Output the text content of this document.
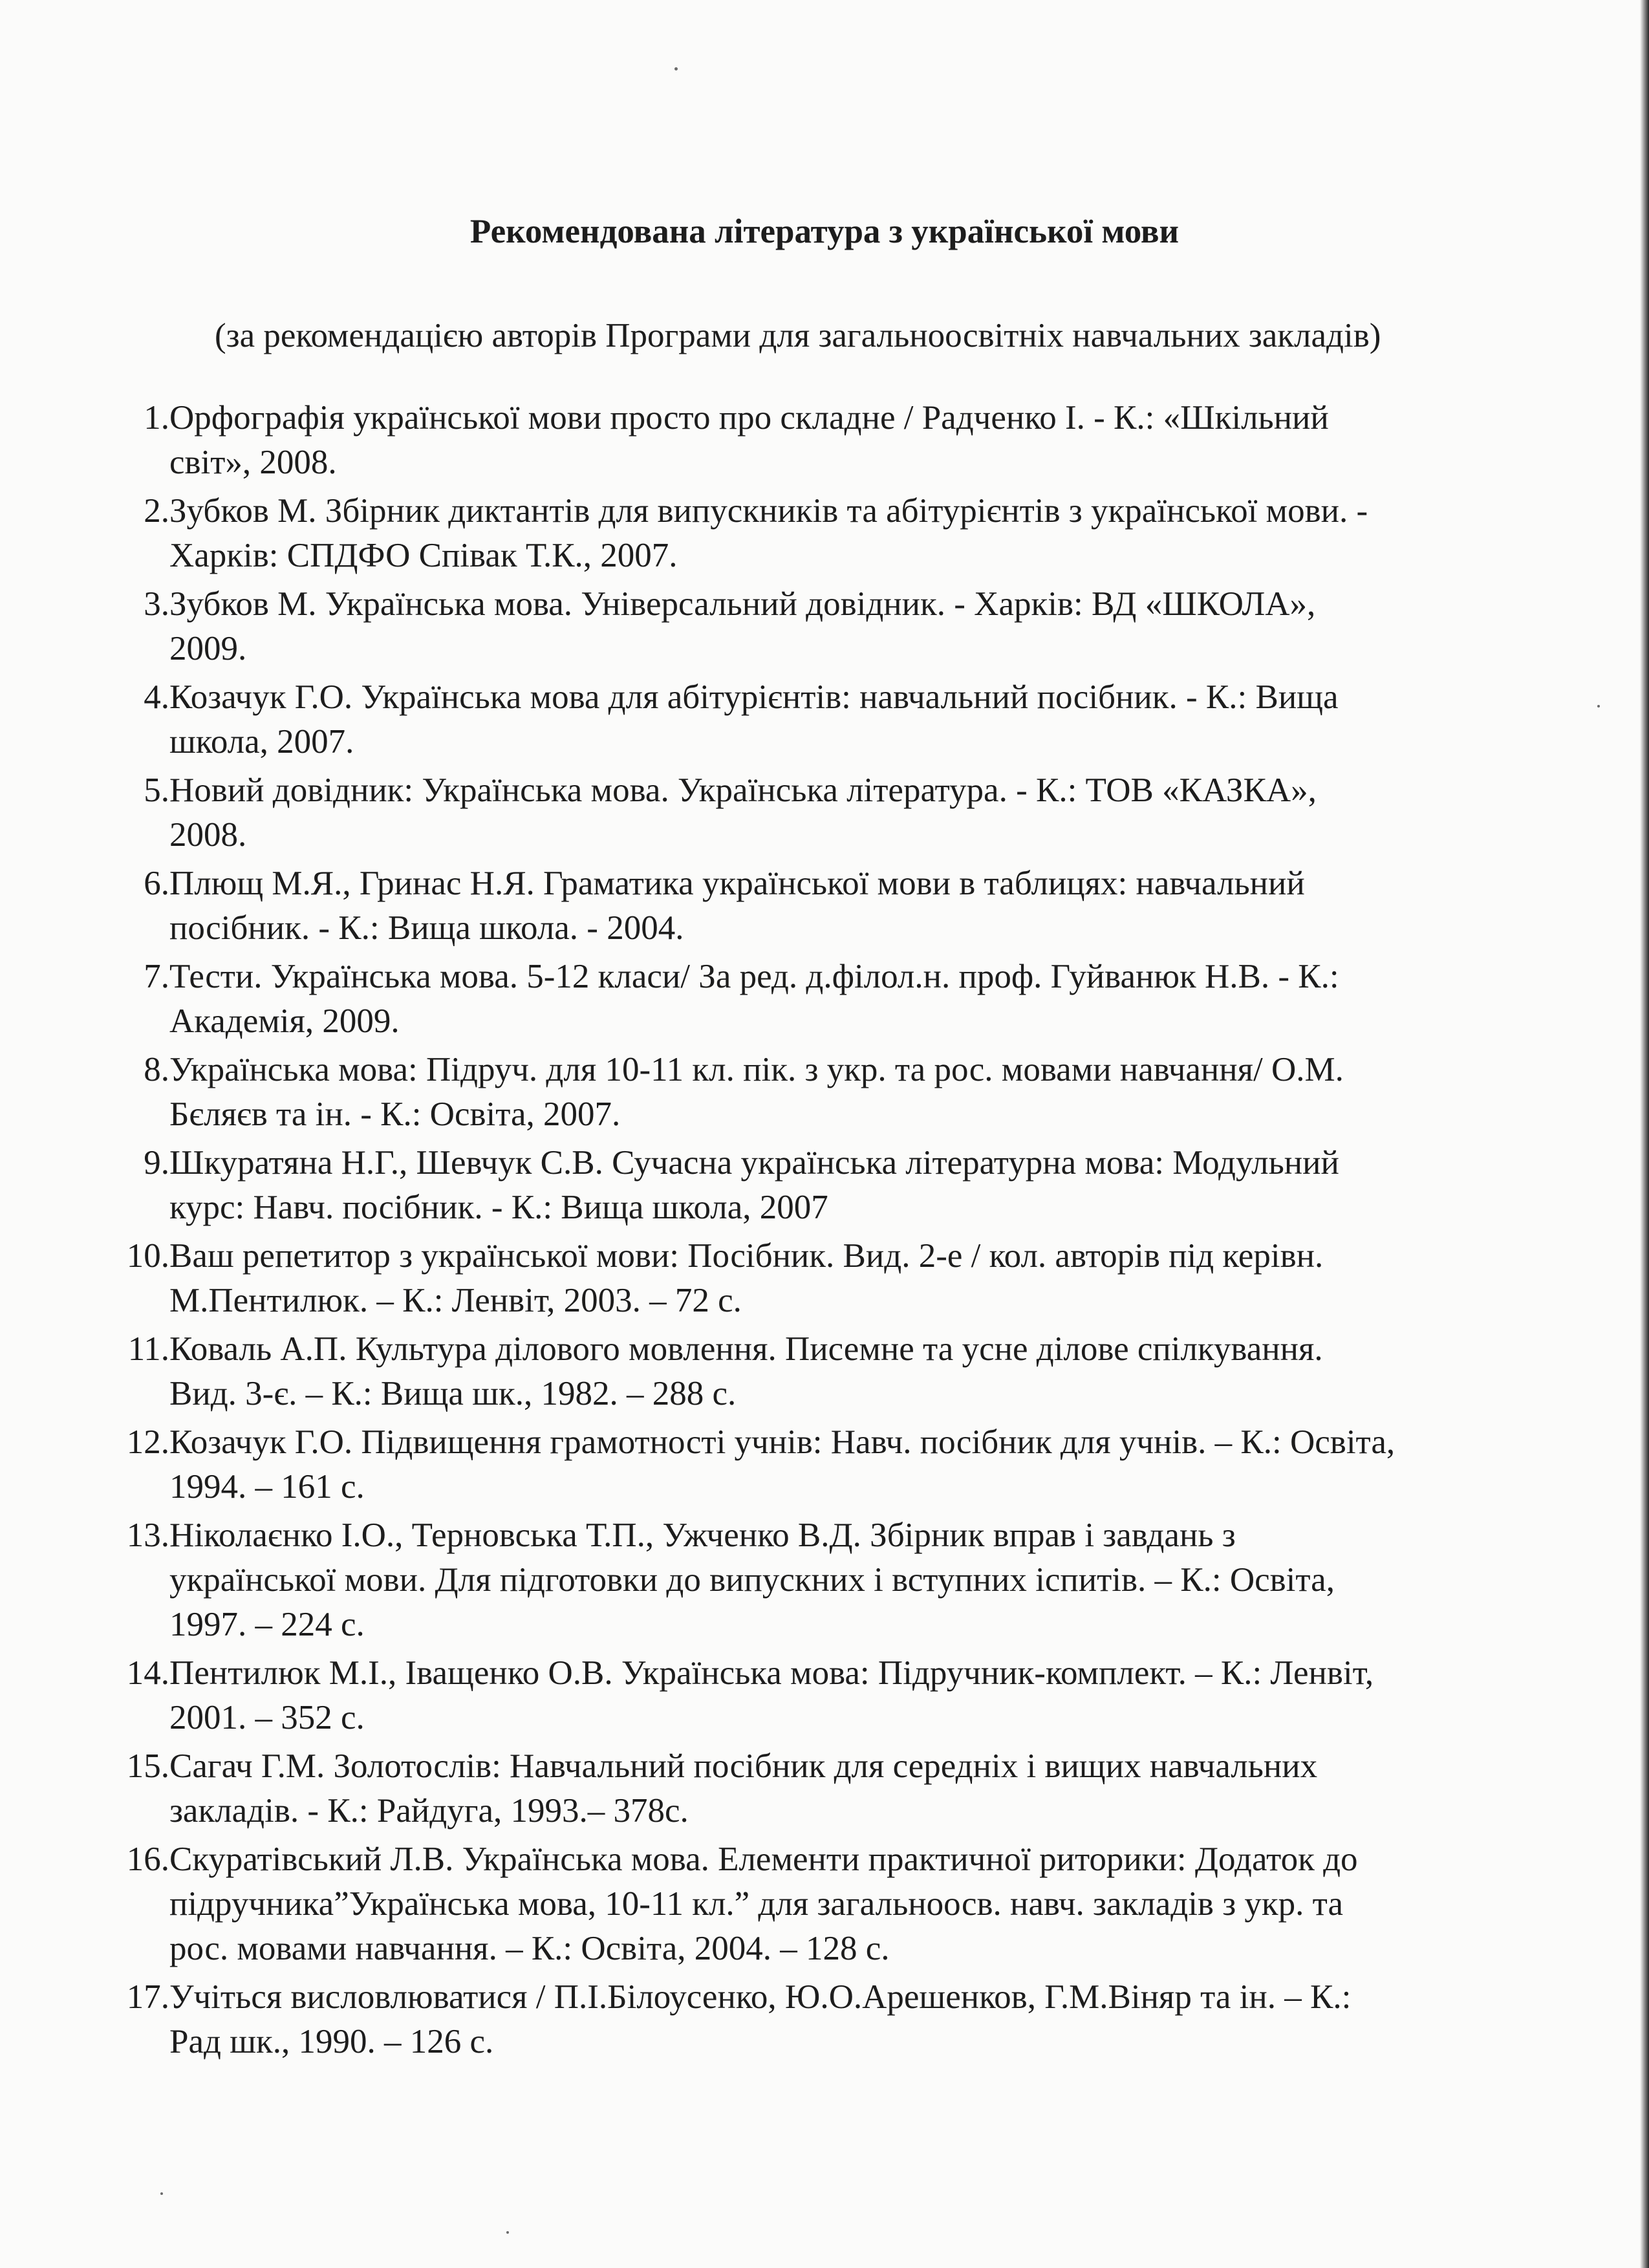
Рекомендована література з української мови
(за рекомендацією авторів Програми для загальноосвітніх навчальних закладів)
1. Орфографія української мови просто про складне / Радченко І. - К.: «Шкільний
світ», 2008.
2. Зубков М. Збірник диктантів для випускників та абітурієнтів з української мови. -
Харків: СПДФО Співак Т.К., 2007.
3. Зубков М. Українська мова. Універсальний довідник. - Харків: ВД «ШКОЛА»,
2009.
4. Козачук Г.О. Українська мова для абітурієнтів: навчальний посібник. - К.: Вища
школа, 2007.
5. Новий довідник: Українська мова. Українська література. - К.: ТОВ «КАЗКА»,
2008.
6. Плющ М.Я., Гринас Н.Я. Граматика української мови в таблицях: навчальний
посібник. - К.: Вища школа. - 2004.
7. Тести. Українська мова. 5-12 класи/ За ред. д.філол.н. проф. Гуйванюк Н.В. - К.:
Академія, 2009.
8. Українська мова: Підруч. для 10-11 кл. пік. з укр. та рос. мовами навчання/ О.М.
Бєляєв та ін. - К.: Освіта, 2007.
9. Шкуратяна Н.Г., Шевчук С.В. Сучасна українська літературна мова: Модульний
курс: Навч. посібник. - К.: Вища школа, 2007
10. Ваш репетитор з української мови: Посібник. Вид. 2-е / кол. авторів під керівн.
М.Пентилюк. – К.: Ленвіт, 2003. – 72 с.
11. Коваль А.П. Культура ділового мовлення. Писемне та усне ділове спілкування.
Вид. 3-є. – К.: Вища шк., 1982. – 288 с.
12. Козачук Г.О. Підвищення грамотності учнів: Навч. посібник для учнів. – К.: Освіта,
1994. – 161 с.
13. Ніколаєнко І.О., Терновська Т.П., Ужченко В.Д. Збірник вправ і завдань з
української мови. Для підготовки до випускних і вступних іспитів. – К.: Освіта,
1997. – 224 с.
14. Пентилюк М.І., Іващенко О.В. Українська мова: Підручник-комплект. – К.: Ленвіт,
2001. – 352 с.
15. Сагач Г.М. Золотослів: Навчальний посібник для середніх і вищих навчальних
закладів. - К.: Райдуга, 1993.– 378с.
16. Скуратівський Л.В. Українська мова. Елементи практичної риторики: Додаток до
підручника”Українська мова, 10-11 кл.” для загальноосв. навч. закладів з укр. та
рос. мовами навчання. – К.: Освіта, 2004. – 128 с.
17. Учіться висловлюватися / П.І.Білоусенко, Ю.О.Арешенков, Г.М.Віняр та ін. – К.:
Рад шк., 1990. – 126 с.
